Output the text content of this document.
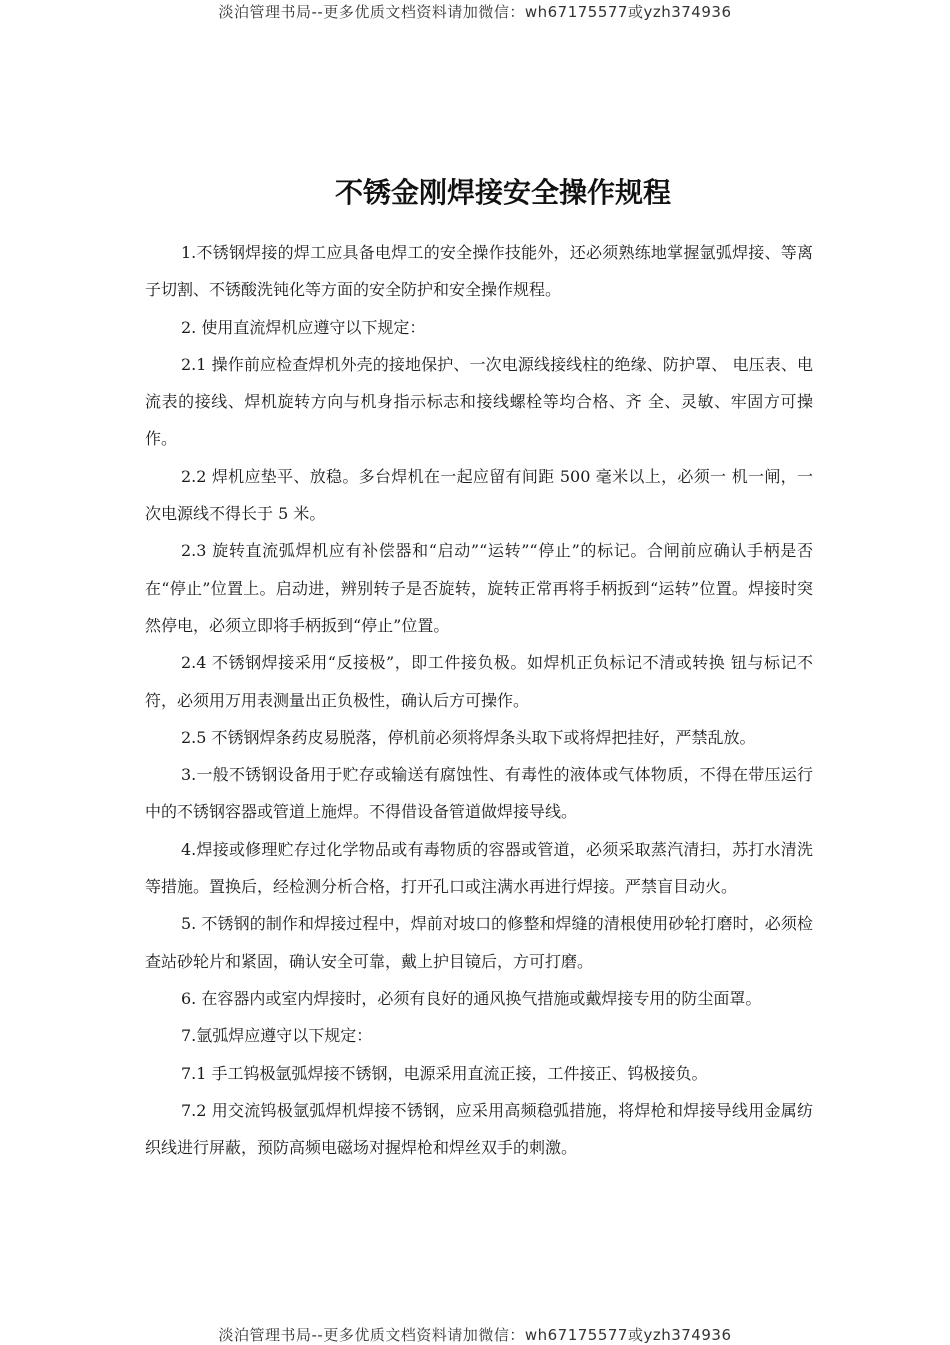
淡泊管理书局--更多优质文档资料请加微信：wh67175577或yzh374936
不锈金刚焊接安全操作规程

1.不锈钢焊接的焊工应具备电焊工的安全操作技能外，还必须熟练地掌握氩弧焊接、等离子切割、不锈酸洗钝化等方面的安全防护和安全操作规程。

2. 使用直流焊机应遵守以下规定：

2.1 操作前应检查焊机外壳的接地保护、一次电源线接线柱的绝缘、防护罩、 电压表、电流表的接线、焊机旋转方向与机身指示标志和接线螺栓等均合格、齐 全、灵敏、牢固方可操作。

2.2 焊机应垫平、放稳。多台焊机在一起应留有间距 500 毫米以上，必须一 机一闸，一次电源线不得长于 5 米。

2.3 旋转直流弧焊机应有补偿器和“启动”“运转”“停止”的标记。合闸前应确认手柄是否在“停止”位置上。启动进，辨别转子是否旋转，旋转正常再将手柄扳到“运转”位置。焊接时突然停电，必须立即将手柄扳到“停止”位置。

2.4 不锈钢焊接采用“反接极”，即工件接负极。如焊机正负标记不清或转换 钮与标记不符，必须用万用表测量出正负极性，确认后方可操作。

2.5 不锈钢焊条药皮易脱落，停机前必须将焊条头取下或将焊把挂好，严禁乱放。

3.一般不锈钢设备用于贮存或输送有腐蚀性、有毒性的液体或气体物质，不得在带压运行中的不锈钢容器或管道上施焊。不得借设备管道做焊接导线。

4.焊接或修理贮存过化学物品或有毒物质的容器或管道，必须采取蒸汽清扫，苏打水清洗等措施。置换后，经检测分析合格，打开孔口或注满水再进行焊接。严禁盲目动火。

5. 不锈钢的制作和焊接过程中，焊前对坡口的修整和焊缝的清根使用砂轮打磨时，必须检查站砂轮片和紧固，确认安全可靠，戴上护目镜后，方可打磨。

6. 在容器内或室内焊接时，必须有良好的通风换气措施或戴焊接专用的防尘面罩。

7.氩弧焊应遵守以下规定：

7.1 手工钨极氩弧焊接不锈钢，电源采用直流正接，工件接正、钨极接负。

7.2 用交流钨极氩弧焊机焊接不锈钢，应采用高频稳弧措施，将焊枪和焊接导线用金属纺织线进行屏蔽，预防高频电磁场对握焊枪和焊丝双手的刺激。

淡泊管理书局--更多优质文档资料请加微信：wh67175577或yzh374936
